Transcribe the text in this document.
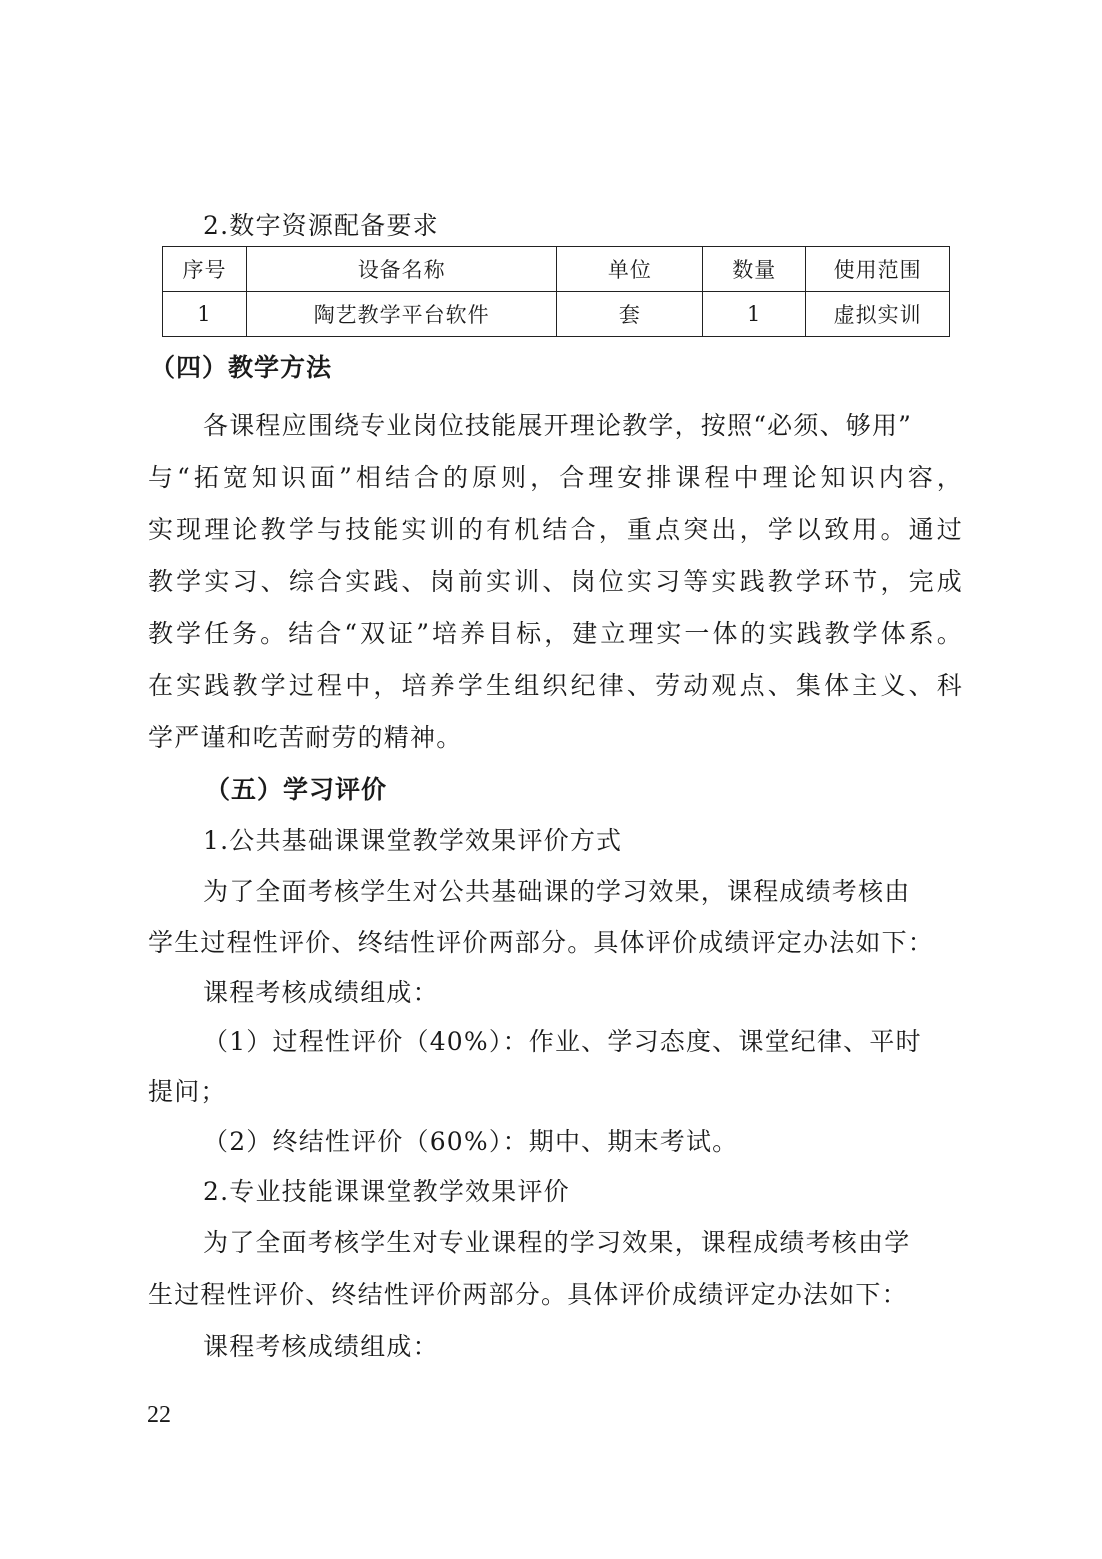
2.数字资源配备要求
序号	设备名称	单位	数量	使用范围
1	陶艺教学平台软件	套	1	虚拟实训
（四）教学方法
各课程应围绕专业岗位技能展开理论教学，按照“必须、够用”
与“拓宽知识面”相结合的原则，合理安排课程中理论知识内容，
实现理论教学与技能实训的有机结合，重点突出，学以致用。通过
教学实习、综合实践、岗前实训、岗位实习等实践教学环节，完成
教学任务。结合“双证”培养目标，建立理实一体的实践教学体系。
在实践教学过程中，培养学生组织纪律、劳动观点、集体主义、科
学严谨和吃苦耐劳的精神。
（五）学习评价
1.公共基础课课堂教学效果评价方式
为了全面考核学生对公共基础课的学习效果，课程成绩考核由
学生过程性评价、终结性评价两部分。具体评价成绩评定办法如下：
课程考核成绩组成：
（1）过程性评价（40%）：作业、学习态度、课堂纪律、平时
提问；
（2）终结性评价（60%）：期中、期末考试。
2.专业技能课课堂教学效果评价
为了全面考核学生对专业课程的学习效果，课程成绩考核由学
生过程性评价、终结性评价两部分。具体评价成绩评定办法如下：
课程考核成绩组成：
22
